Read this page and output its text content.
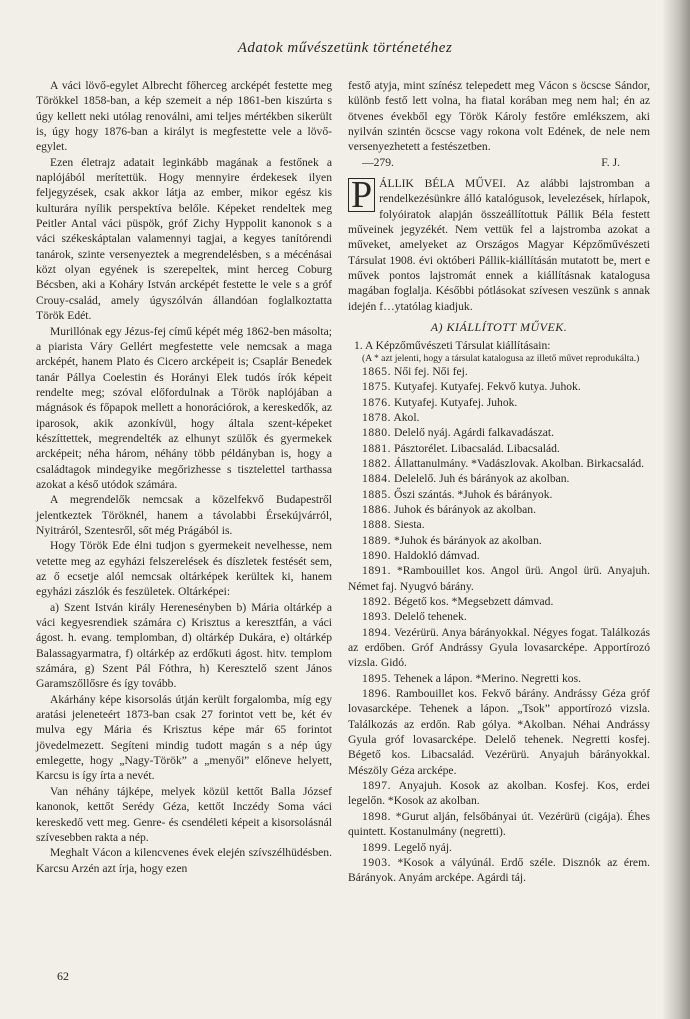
Adatok művészetünk történetéhez

A váci lövő-egylet Albrecht főherceg arcképét festette meg Törökkel 1858-ban, a kép szemeit a nép 1861-ben kiszúrta s úgy kellett neki utólag renoválni, ami teljes mértékben sikerült is, úgy hogy 1876-ban a királyt is megfestette vele a lövő-egylet.

Ezen életrajz adatait leginkább magának a festőnek a naplójából merítettük. Hogy mennyire érdekesek ilyen feljegyzések, csak akkor látja az ember, mikor egész kis kulturára nyílik perspektíva belőle. Képeket rendeltek meg Peitler Antal váci püspök, gróf Zichy Hyppolit kanonok s a váci székeskáptalan valamennyi tagjai, a kegyes tanítórendi tanárok, szinte versenyeztek a megrendelésben, s a mécénásai közt olyan egyének is szerepeltek, mint herceg Coburg Bécsben, aki a Koháry István arcképét festette le vele s a gróf Crouy-család, amely úgyszólván állandóan foglalkoztatta Török Edét.

Murillónak egy Jézus-fej című képét még 1862-ben másolta; a piarista Váry Gellért megfestette vele nemcsak a maga arcképét, hanem Plato és Cicero arcképeit is; Csaplár Benedek tanár Pállya Coelestin és Horányi Elek tudós írók képeit rendelte meg; szóval előfordulnak a Török naplójában a mágnások és főpapok mellett a honorációrok, a kereskedők, az iparosok, akik azonkívül, hogy általa szent-képeket készíttettek, megrendelték az elhunyt szülők és gyermekek arcképeit; néha három, néhány több példányban is, hogy a családtagok mindegyike megőrizhesse s tisztelettel tarthassa azokat a késő utódok számára.

A megrendelők nemcsak a közelfekvő Budapestről jelentkeztek Töröknél, hanem a távolabbi Érsekújvárról, Nyitráról, Szentesről, sőt még Prágából is.

Hogy Török Ede élni tudjon s gyermekeit nevelhesse, nem vetette meg az egyházi felszerelések és díszletek festését sem, az ő ecsetje alól nemcsak oltárképek kerültek ki, hanem egyházi zászlók és feszületek. Oltárképei:

a) Szent István király Herenesényben b) Mária oltárkép a váci kegyesrendiek számára c) Krisztus a keresztfán, a váci ágost. h. evang. templomban, d) oltárkép Dukára, e) oltárkép Balassagyarmatra, f) oltárkép az erdőkuti ágost. hitv. templom számára, g) Szent Pál Fóthra, h) Keresztelő szent János Garamszőllősre és így tovább.

Akárhány képe kisorsolás útján került forgalomba, míg egy aratási jeleneteért 1873-ban csak 27 forintot vett be, két év mulva egy Mária és Krisztus képe már 65 forintot jövedelmezett. Segíteni mindig tudott magán s a nép úgy emlegette, hogy „Nagy-Török” a „menyői” előneve helyett, Karcsu is így írta a nevét.

Van néhány tájképe, melyek közül kettőt Balla József kanonok, kettőt Serédy Géza, kettőt Inczédy Soma váci kereskedő vett meg. Genre- és csendéleti képeit a kisorsolásnál szívesebben rakta a nép.

Meghalt Vácon a kilencvenes évek elején szívszélhüdésben. Karcsu Arzén azt írja, hogy ezen

festő atyja, mint színész telepedett meg Vácon s öcscse Sándor, különb festő lett volna, ha fiatal korában meg nem hal; én az ötvenes évekből egy Török Károly festőre emlékszem, aki nyilván szintén öcscse vagy rokona volt Edének, de nele nem versenyezhetett a festészetben.

—279.	F. J.

P ÁLLIK BÉLA MŰVEI. Az alábbi lajstromban a rendelkezésünkre álló katalógusok, levelezések, hírlapok, folyóiratok alapján összeállítottuk Pállik Béla festett műveinek jegyzékét. Nem vettük fel a lajstromba azokat a műveket, amelyeket az Országos Magyar Képzőművészeti Társulat 1908. évi októberi Pállik-kiállításán mutatott be, mert e művek pontos lajstromát ennek a kiállításnak katalogusa magában foglalja. Későbbi pótlásokat szívesen veszünk s annak idején f…ytatólag kiadjuk.

A) KIÁLLÍTOTT MŰVEK.

1. A Képzőművészeti Társulat kiállításain:

(A * azt jelenti, hogy a társulat katalogusa az illető művet reprodukálta.)

1865. Női fej. Női fej.

1875. Kutyafej. Kutyafej. Fekvő kutya. Juhok.

1876. Kutyafej. Kutyafej. Juhok.

1878. Akol.

1880. Delelő nyáj. Agárdi falkavadászat.

1881. Pásztorélet. Libacsalád. Libacsalád.

1882. Állattanulmány. *Vadászlovak. Akolban. Birkacsalád.

1884. Delelelő. Juh és bárányok az akolban.

1885. Őszi szántás. *Juhok és bárányok.

1886. Juhok és bárányok az akolban.

1888. Siesta.

1889. *Juhok és bárányok az akolban.

1890. Haldokló dámvad.

1891. *Rambouillet kos. Angol ürü. Angol ürü. Anyajuh. Német faj. Nyugvó bárány.

1892. Bégető kos. *Megsebzett dámvad.

1893. Delelő tehenek.

1894. Vezérürü. Anya bárányokkal. Négyes fogat. Találkozás az erdőben. Gróf Andrássy Gyula lovasarcképe. Apportírozó vizsla. Gidó.

1895. Tehenek a lápon. *Merino. Negretti kos.

1896. Rambouillet kos. Fekvő bárány. Andrássy Géza gróf lovasarcképe. Tehenek a lápon. „Tsok” apportírozó vizsla. Találkozás az erdőn. Rab gólya. *Akolban. Néhai Andrássy Gyula gróf lovasarcképe. Delelő tehenek. Negretti kosfej. Bégető kos. Libacsalád. Vezérürü. Anyajuh bárányokkal. Mészöly Géza arcképe.

1897. Anyajuh. Kosok az akolban. Kosfej. Kos, erdei legelőn. *Kosok az akolban.

1898. *Gurut alján, felsőbányai út. Vezérürü (cigája). Éhes quintett. Kostanulmány (negretti).

1899. Legelő nyáj.

1903. *Kosok a vályúnál. Erdő széle. Disznók az érem. Bárányok. Anyám arcképe. Agárdi táj.

62
